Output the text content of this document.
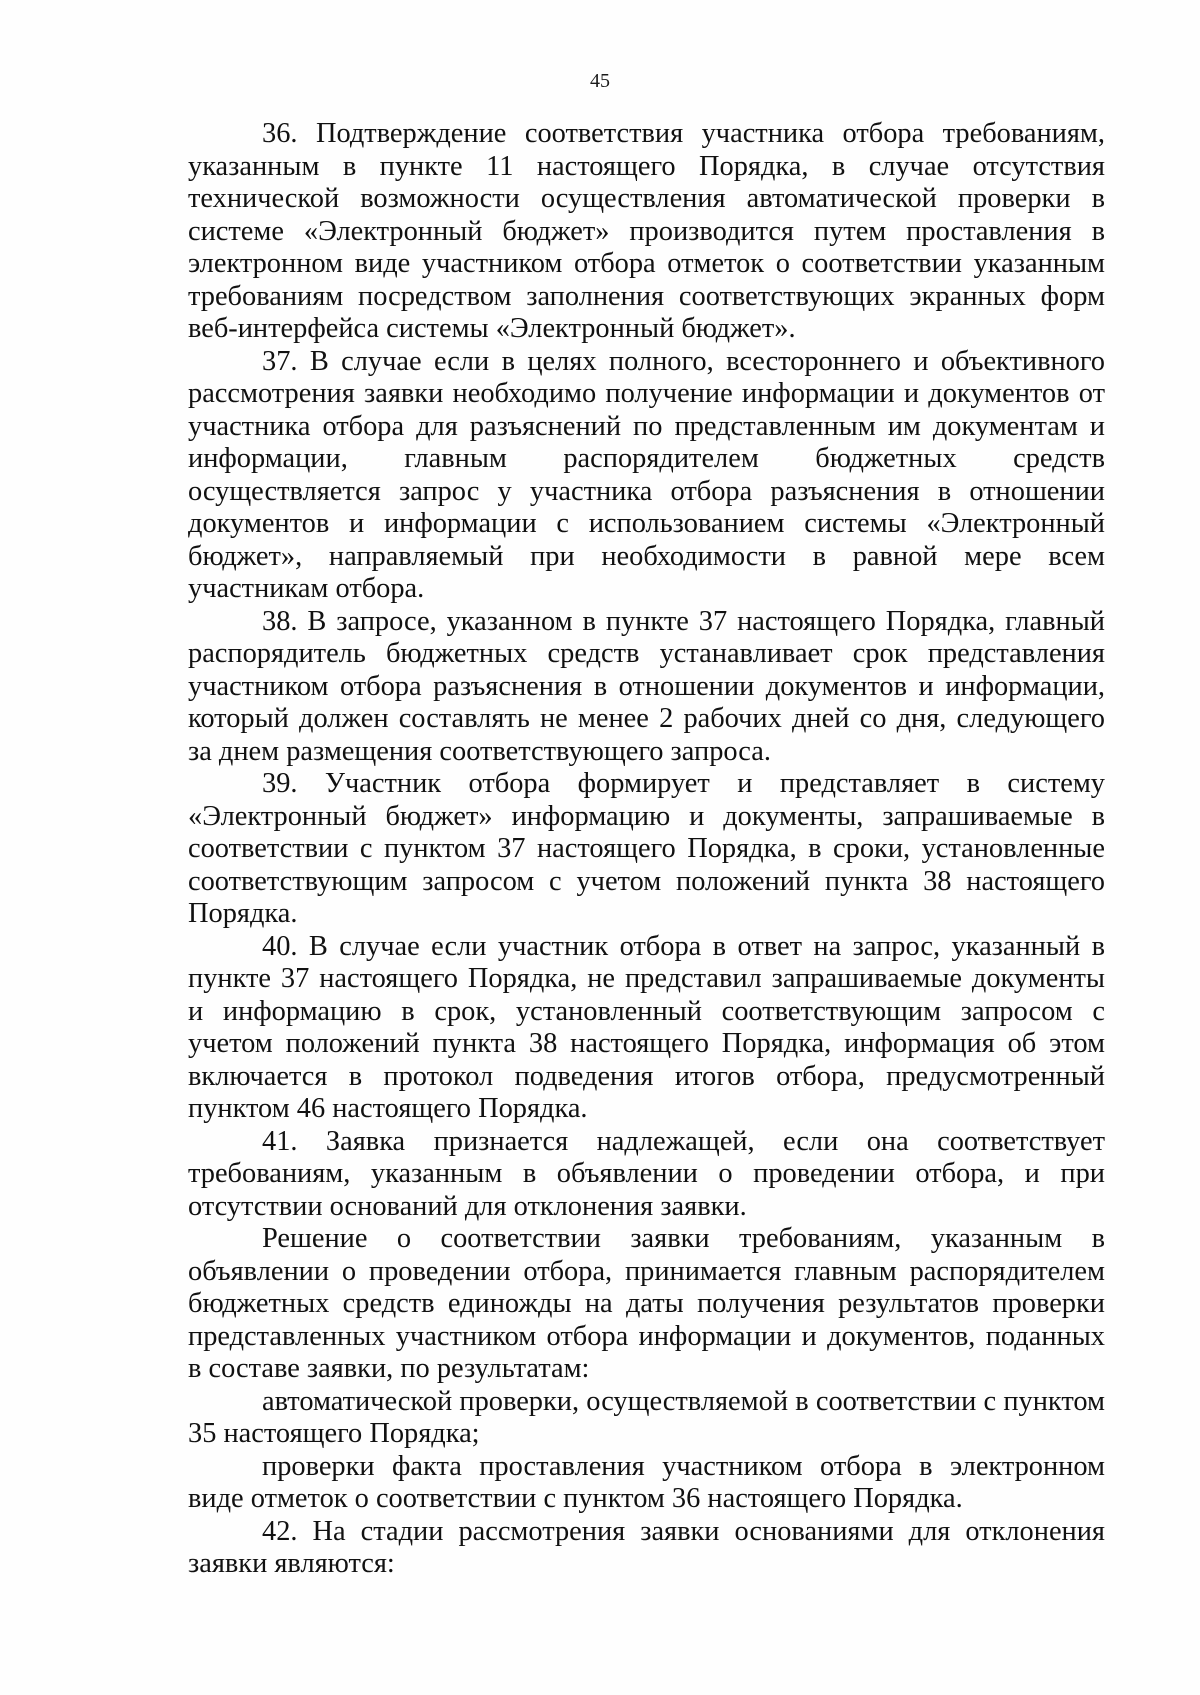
45

36. Подтверждение соответствия участника отбора требованиям, указанным в пункте 11 настоящего Порядка, в случае отсутствия технической возможности осуществления автоматической проверки в системе «Электронный бюджет» производится путем проставления в электронном виде участником отбора отметок о соответствии указанным требованиям посредством заполнения соответствующих экранных форм веб-интерфейса системы «Электронный бюджет».

37. В случае если в целях полного, всестороннего и объективного рассмотрения заявки необходимо получение информации и документов от участника отбора для разъяснений по представленным им документам и информации, главным распорядителем бюджетных средств осуществляется запрос у участника отбора разъяснения в отношении документов и информации с использованием системы «Электронный бюджет», направляемый при необходимости в равной мере всем участникам отбора.

38. В запросе, указанном в пункте 37 настоящего Порядка, главный распорядитель бюджетных средств устанавливает срок представления участником отбора разъяснения в отношении документов и информации, который должен составлять не менее 2 рабочих дней со дня, следующего за днем размещения соответствующего запроса.

39. Участник отбора формирует и представляет в систему «Электронный бюджет» информацию и документы, запрашиваемые в соответствии с пунктом 37 настоящего Порядка, в сроки, установленные соответствующим запросом с учетом положений пункта 38 настоящего Порядка.

40. В случае если участник отбора в ответ на запрос, указанный в пункте 37 настоящего Порядка, не представил запрашиваемые документы и информацию в срок, установленный соответствующим запросом с учетом положений пункта 38 настоящего Порядка, информация об этом включается в протокол подведения итогов отбора, предусмотренный пунктом 46 настоящего Порядка.

41. Заявка признается надлежащей, если она соответствует требованиям, указанным в объявлении о проведении отбора, и при отсутствии оснований для отклонения заявки.

Решение о соответствии заявки требованиям, указанным в объявлении о проведении отбора, принимается главным распорядителем бюджетных средств единожды на даты получения результатов проверки представленных участником отбора информации и документов, поданных в составе заявки, по результатам:

автоматической проверки, осуществляемой в соответствии с пунктом 35 настоящего Порядка;

проверки факта проставления участником отбора в электронном виде отметок о соответствии с пунктом 36 настоящего Порядка.

42. На стадии рассмотрения заявки основаниями для отклонения заявки являются:
